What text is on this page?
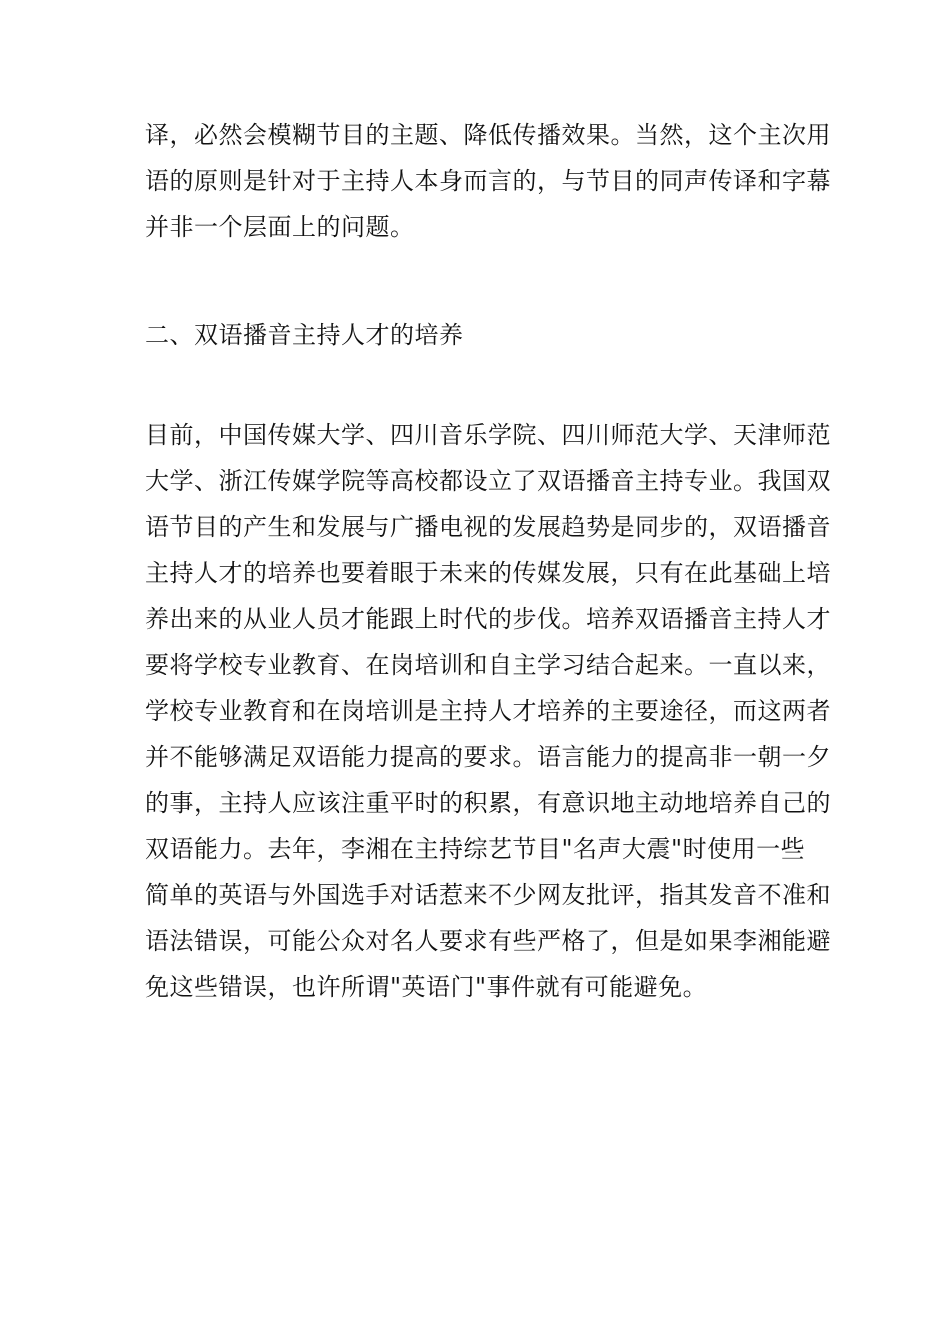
译，必然会模糊节目的主题、降低传播效果。当然，这个主次用
语的原则是针对于主持人本身而言的，与节目的同声传译和字幕
并非一个层面上的问题。

二、双语播音主持人才的培养

目前，中国传媒大学、四川音乐学院、四川师范大学、天津师范
大学、浙江传媒学院等高校都设立了双语播音主持专业。我国双
语节目的产生和发展与广播电视的发展趋势是同步的，双语播音
主持人才的培养也要着眼于未来的传媒发展，只有在此基础上培
养出来的从业人员才能跟上时代的步伐。培养双语播音主持人才
要将学校专业教育、在岗培训和自主学习结合起来。一直以来，
学校专业教育和在岗培训是主持人才培养的主要途径，而这两者
并不能够满足双语能力提高的要求。语言能力的提高非一朝一夕
的事，主持人应该注重平时的积累，有意识地主动地培养自己的
双语能力。去年，李湘在主持综艺节目"名声大震"时使用一些
简单的英语与外国选手对话惹来不少网友批评，指其发音不准和
语法错误，可能公众对名人要求有些严格了，但是如果李湘能避
免这些错误，也许所谓"英语门"事件就有可能避免。
